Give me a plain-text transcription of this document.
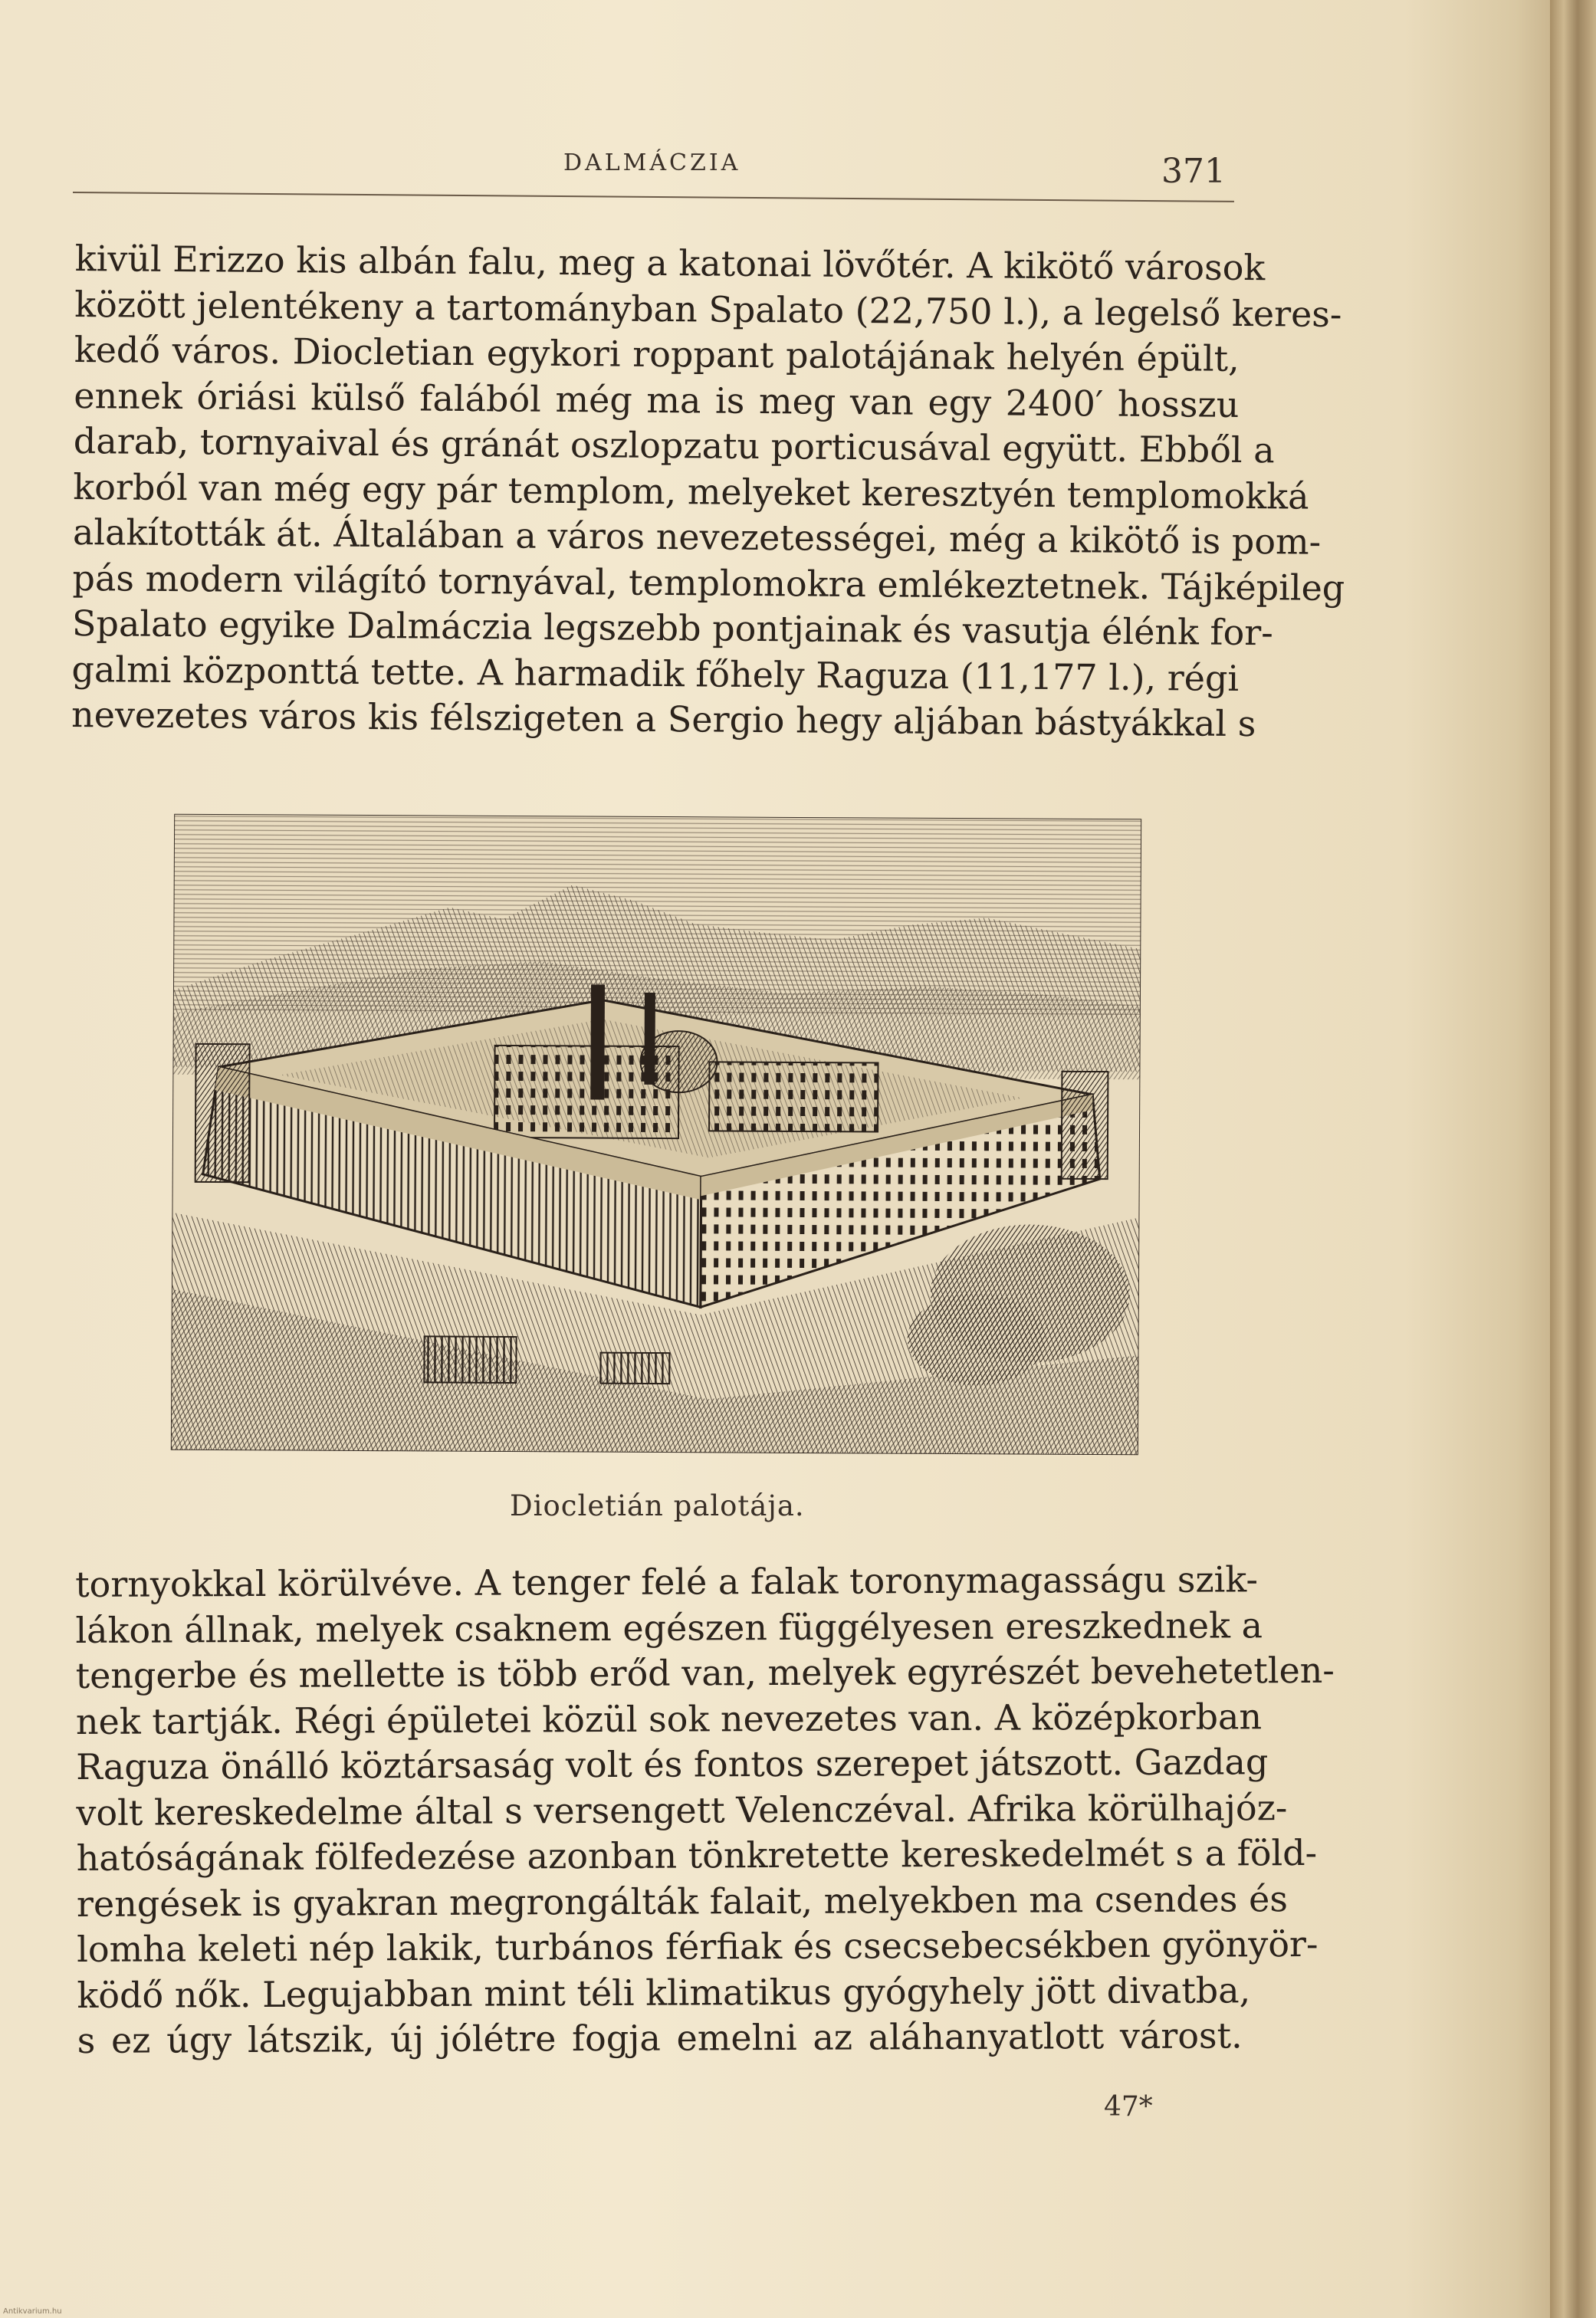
DALMÁCZIA	371
kivül Erizzo kis albán falu, meg a katonai lövőtér. A kikötő városok
között jelentékeny a tartományban Spalato (22,750 l.), a legelső keres-
kedő város. Diocletian egykori roppant palotájának helyén épült,
ennek óriási külső falából még ma is meg van egy 2400′ hosszu
darab, tornyaival és gránát oszlopzatu porticusával együtt. Ebből a
korból van még egy pár templom, melyeket keresztyén templomokká
alakították át. Általában a város nevezetességei, még a kikötő is pom-
pás modern világító tornyával, templomokra emlékeztetnek. Tájképileg
Spalato egyike Dalmáczia legszebb pontjainak és vasutja élénk for-
galmi központtá tette. A harmadik főhely Raguza (11,177 l.), régi
nevezetes város kis félszigeten a Sergio hegy aljában bástyákkal s
Diocletián palotája.
tornyokkal körülvéve. A tenger felé a falak toronymagasságu szik-
lákon állnak, melyek csaknem egészen függélyesen ereszkednek a
tengerbe és mellette is több erőd van, melyek egyrészét bevehetetlen-
nek tartják. Régi épületei közül sok nevezetes van. A középkorban
Raguza önálló köztársaság volt és fontos szerepet játszott. Gazdag
volt kereskedelme által s versengett Velenczéval. Afrika körülhajóz-
hatóságának fölfedezése azonban tönkretette kereskedelmét s a föld-
rengések is gyakran megrongálták falait, melyekben ma csendes és
lomha keleti nép lakik, turbános férfiak és csecsebecsékben gyönyör-
ködő nők. Legujabban mint téli klimatikus gyógyhely jött divatba,
s ez úgy látszik, új jólétre fogja emelni az aláhanyatlott várost.
47*
Antikvarium.hu
